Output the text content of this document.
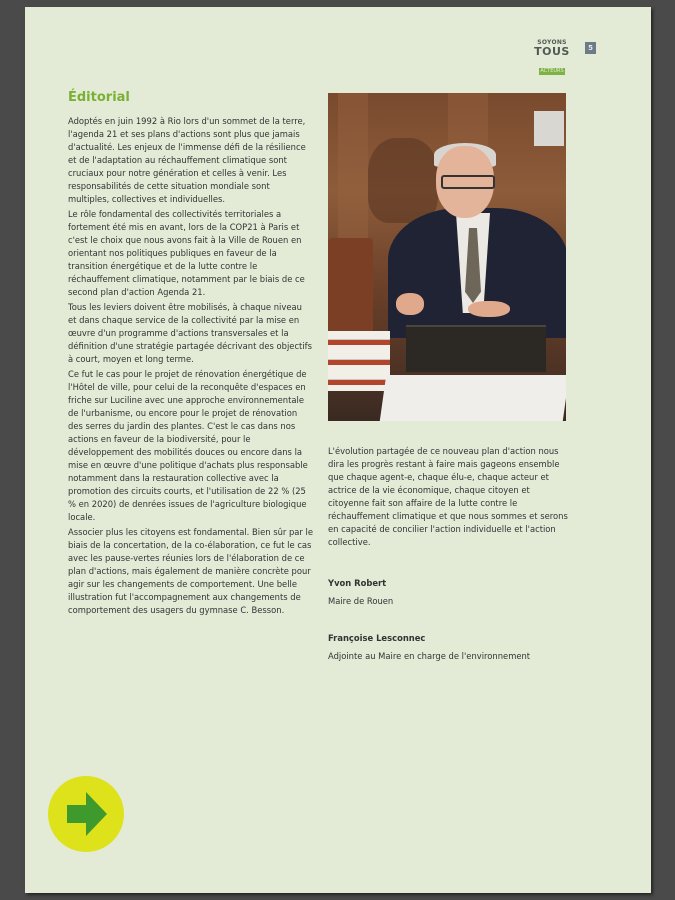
SOYONS
TOUS
ACTEURS
5
Éditorial

Adoptés en juin 1992 à Rio lors d'un sommet de la terre, l'agenda 21 et ses plans d'actions sont plus que jamais d'actualité. Les enjeux de l'immense défi de la résilience et de l'adaptation au réchauffement climatique sont cruciaux pour notre génération et celles à venir. Les responsabilités de cette situation mondiale sont multiples, collectives et individuelles.

Le rôle fondamental des collectivités territoriales a fortement été mis en avant, lors de la COP21 à Paris et c'est le choix que nous avons fait à la Ville de Rouen en orientant nos politiques publiques en faveur de la transition énergétique et de la lutte contre le réchauffement climatique, notamment par le biais de ce second plan d'action Agenda 21.

Tous les leviers doivent être mobilisés, à chaque niveau et dans chaque service de la collectivité par la mise en œuvre d'un programme d'actions transversales et la définition d'une stratégie partagée décrivant des objectifs à court, moyen et long terme.

Ce fut le cas pour le projet de rénovation énergétique de l'Hôtel de ville, pour celui de la reconquête d'espaces en friche sur Luciline avec une approche environnementale de l'urbanisme, ou encore pour le projet de rénovation des serres du jardin des plantes. C'est le cas dans nos actions en faveur de la biodiversité, pour le développement des mobilités douces ou encore dans la mise en œuvre d'une politique d'achats plus responsable notamment dans la restauration collective avec la promotion des circuits courts, et l'utilisation de 22 % (25 % en 2020) de denrées issues de l'agriculture biologique locale.

Associer plus les citoyens est fondamental. Bien sûr par le biais de la concertation, de la co-élaboration, ce fut le cas avec les pause-vertes réunies lors de l'élaboration de ce plan d'actions, mais également de manière concrète pour agir sur les changements de comportement. Une belle illustration fut l'accompagnement aux changements de comportement des usagers du gymnase C. Besson.

L'évolution partagée de ce nouveau plan d'action nous dira les progrès restant à faire mais gageons ensemble que chaque agent-e, chaque élu-e, chaque acteur et actrice de la vie économique, chaque citoyen et citoyenne fait son affaire de la lutte contre le réchauffement climatique et que nous sommes et serons en capacité de concilier l'action individuelle et l'action collective.

Yvon Robert
Maire de Rouen
Françoise Lesconnec
Adjointe au Maire en charge de l'environnement
